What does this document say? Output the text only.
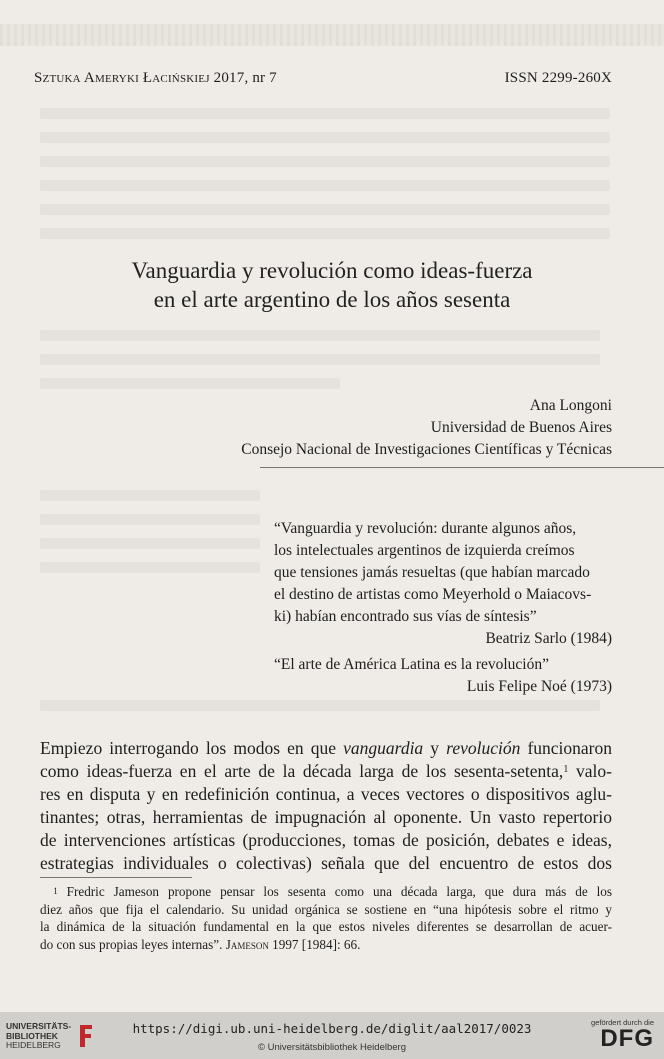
Sztuka Ameryki Łacińskiej 2017, nr 7	ISSN 2299-260X
Vanguardia y revolución como ideas-fuerza
en el arte argentino de los años sesenta
Ana Longoni
Universidad de Buenos Aires
Consejo Nacional de Investigaciones Científicas y Técnicas
“Vanguardia y revolución: durante algunos años,
los intelectuales argentinos de izquierda creímos
que tensiones jamás resueltas (que habían marcado
el destino de artistas como Meyerhold o Maiacovs-
ki) habían encontrado sus vías de síntesis”
Beatriz Sarlo (1984)
“El arte de América Latina es la revolución”
Luis Felipe Noé (1973)
Empiezo interrogando los modos en que vanguardia y revolución funcionaron
como ideas-fuerza en el arte de la década larga de los sesenta-setenta,$^1$ valo-
res en disputa y en redefinición continua, a veces vectores o dispositivos aglu-
tinantes; otras, herramientas de impugnación al oponente. Un vasto repertorio
de intervenciones artísticas (producciones, tomas de posición, debates e ideas,
estrategias individuales o colectivas) señala que del encuentro de estos dos
 $^1$ Fredric Jameson propone pensar los sesenta como una década larga, que dura más de los
diez años que fija el calendario. Su unidad orgánica se sostiene en “una hipótesis sobre el ritmo y
la dinámica de la situación fundamental en la que estos niveles diferentes se desarrollan de acuer-
do con sus propias leyes internas”. Jameson 1997 [1984]: 66.
UNIVERSITÄTS-
BIBLIOTHEK
HEIDELBERG
https://digi.ub.uni-heidelberg.de/diglit/aal2017/0023
© Universitätsbibliothek Heidelberg
gefördert durch die
DFG
